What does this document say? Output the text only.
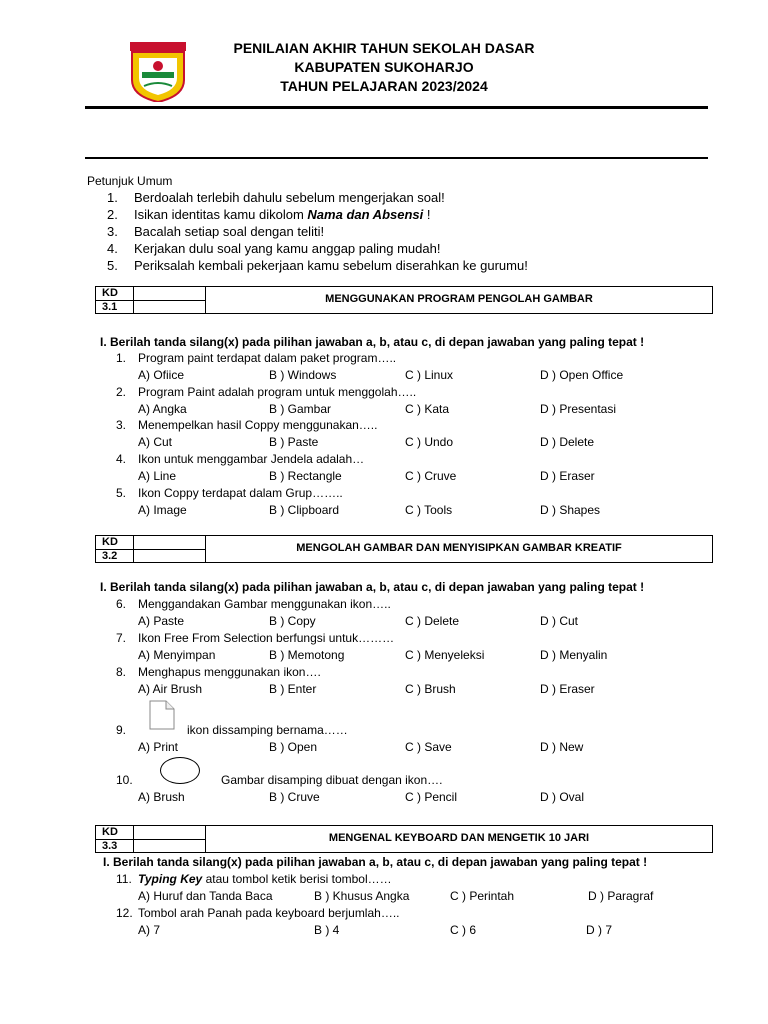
PENILAIAN AKHIR TAHUN SEKOLAH DASAR
KABUPATEN SUKOHARJO
TAHUN PELAJARAN 2023/2024
Petunjuk Umum
1. Berdoalah terlebih dahulu sebelum mengerjakan soal!
2. Isikan identitas kamu dikolom Nama dan Absensi !
3. Bacalah setiap soal dengan teliti!
4. Kerjakan dulu soal yang kamu anggap paling mudah!
5. Periksalah kembali pekerjaan kamu sebelum diserahkan ke gurumu!
KD
3.1
MENGGUNAKAN PROGRAM PENGOLAH GAMBAR
I. Berilah tanda silang(x) pada pilihan jawaban a, b, atau c, di depan jawaban yang paling tepat !
1. Program paint terdapat dalam paket program…..
A) Ofiice	B ) Windows	C ) Linux	D ) Open Office
2. Program Paint adalah program untuk menggolah…..
A) Angka	B ) Gambar	C ) Kata	D ) Presentasi
3. Menempelkan hasil Coppy menggunakan…..
A) Cut	B ) Paste	C ) Undo	D ) Delete
4. Ikon untuk menggambar Jendela adalah…
A) Line	B ) Rectangle	C ) Cruve	D ) Eraser
5. Ikon Coppy terdapat dalam Grup……..
A) Image	B ) Clipboard	C ) Tools	D ) Shapes
KD
3.2
MENGOLAH GAMBAR DAN MENYISIPKAN GAMBAR KREATIF
I. Berilah tanda silang(x) pada pilihan jawaban a, b, atau c, di depan jawaban yang paling tepat !
6. Menggandakan Gambar menggunakan ikon…..
A) Paste	B ) Copy	C ) Delete	D ) Cut
7. Ikon Free From Selection berfungsi untuk………
A) Menyimpan	B ) Memotong	C ) Menyeleksi	D ) Menyalin
8. Menghapus menggunakan ikon….
A) Air Brush	B ) Enter	C ) Brush	D ) Eraser
9.	ikon dissamping bernama……
A) Print	B ) Open	C ) Save	D ) New
10.	Gambar disamping dibuat dengan ikon….
A) Brush	B ) Cruve	C ) Pencil	D ) Oval
KD
3.3
MENGENAL KEYBOARD DAN MENGETIK 10 JARI
I. Berilah tanda silang(x) pada pilihan jawaban a, b, atau c, di depan jawaban yang paling tepat !
11. Typing Key atau tombol ketik berisi tombol……
A) Huruf dan Tanda Baca	B ) Khusus Angka	C ) Perintah	D ) Paragraf
12. Tombol arah Panah pada keyboard berjumlah…..
A) 7	B ) 4	C ) 6	D ) 7
